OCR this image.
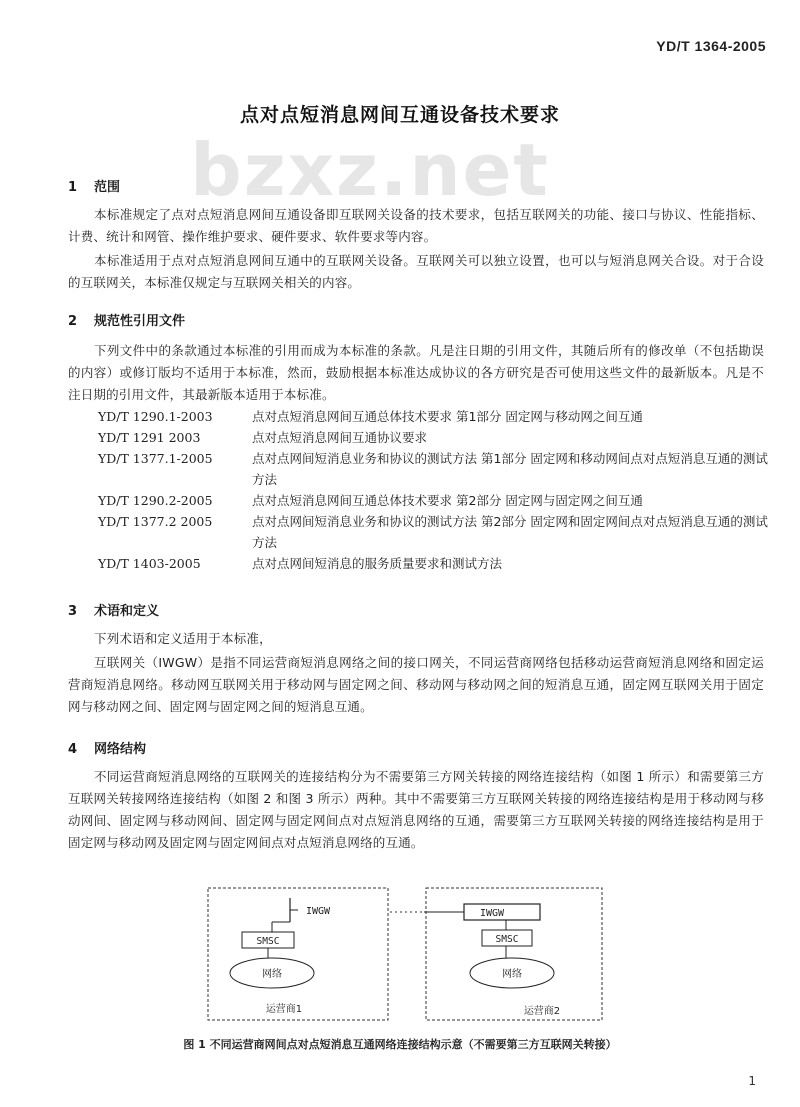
YD/T 1364-2005
点对点短消息网间互通设备技术要求
bzxz.net
1 范围
本标准规定了点对点短消息网间互通设备即互联网关设备的技术要求，包括互联网关的功能、接口与协议、性能指标、计费、统计和网管、操作维护要求、硬件要求、软件要求等内容。
本标准适用于点对点短消息网间互通中的互联网关设备。互联网关可以独立设置，也可以与短消息网关合设。对于合设的互联网关，本标准仅规定与互联网关相关的内容。
2 规范性引用文件
下列文件中的条款通过本标准的引用而成为本标准的条款。凡是注日期的引用文件，其随后所有的修改单（不包括勘误的内容）或修订版均不适用于本标准，然而，鼓励根据本标准达成协议的各方研究是否可使用这些文件的最新版本。凡是不注日期的引用文件，其最新版本适用于本标准。
YD/T 1290.1-2003	点对点短消息网间互通总体技术要求 第1部分 固定网与移动网之间互通
YD/T 1291 2003	点对点短消息网间互通协议要求
YD/T 1377.1-2005	点对点网间短消息业务和协议的测试方法 第1部分 固定网和移动网间点对点短消息互通的测试方法
YD/T 1290.2-2005	点对点短消息网间互通总体技术要求 第2部分 固定网与固定网之间互通
YD/T 1377.2 2005	点对点网间短消息业务和协议的测试方法 第2部分 固定网和固定网间点对点短消息互通的测试方法
YD/T 1403-2005	点对点网间短消息的服务质量要求和测试方法
3 术语和定义
下列术语和定义适用于本标准，
互联网关（IWGW）是指不同运营商短消息网络之间的接口网关，不同运营商网络包括移动运营商短消息网络和固定运营商短消息网络。移动网互联网关用于移动网与固定网之间、移动网与移动网之间的短消息互通，固定网互联网关用于固定网与移动网之间、固定网与固定网之间的短消息互通。
4 网络结构
不同运营商短消息网络的互联网关的连接结构分为不需要第三方网关转接的网络连接结构（如图 1 所示）和需要第三方互联网关转接网络连接结构（如图 2 和图 3 所示）两种。其中不需要第三方互联网关转接的网络连接结构是用于移动网与移动网间、固定网与移动网间、固定网与固定网间点对点短消息网络的互通，需要第三方互联网关转接的网络连接结构是用于固定网与移动网及固定网与固定网间点对点短消息网络的互通。
IWGW
SMSC
网络
运营商1
IWGW
SMSC
网络
运营商2
图 1 不同运营商网间点对点短消息互通网络连接结构示意（不需要第三方互联网关转接）
1
